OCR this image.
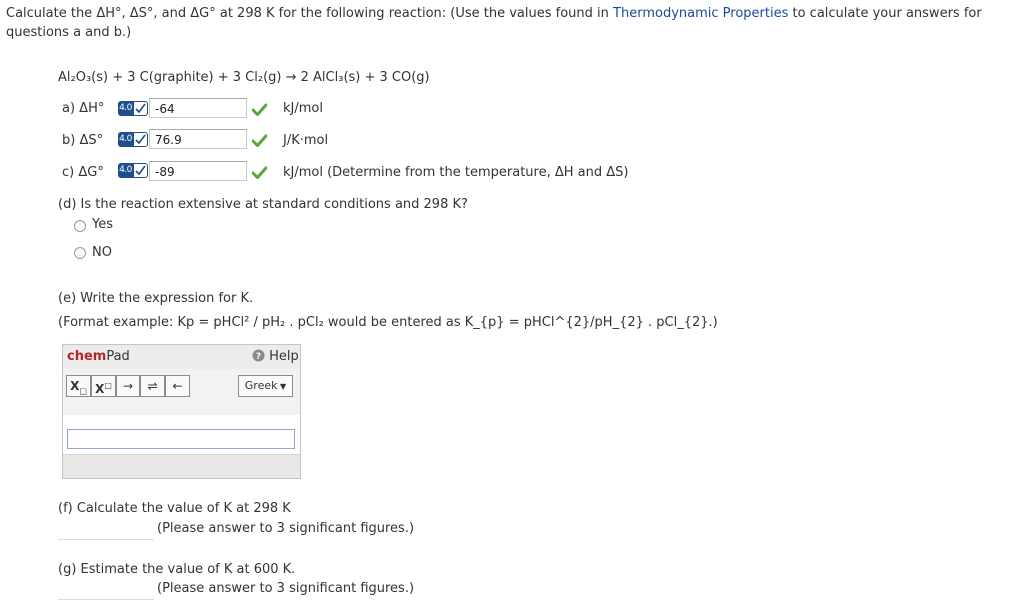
Calculate the ΔH°, ΔS°, and ΔG° at 298 K for the following reaction: (Use the values found in Thermodynamic Properties to calculate your answers for questions a and b.)
Al₂O₃(s) + 3 C(graphite) + 3 Cl₂(g) → 2 AlCl₃(s) + 3 CO(g)
a) ΔH° 4.0	-64	kJ/mol
b) ΔS° 4.0	76.9	J/K·mol
c) ΔG° 4.0	-89	kJ/mol (Determine from the temperature, ΔH and ΔS)
(d) Is the reaction extensive at standard conditions and 298 K?
Yes
NO
(e) Write the expression for K.
(Format example: Kp = pHCl² / pH₂ . pCl₂ would be entered as K_{p} = pHCl^{2}/pH_{2} . pCl_{2}.)
chemPad	? Help
$X_□$ X□ →	⇌	←	Greek ▼
(f) Calculate the value of K at 298 K
(Please answer to 3 significant figures.)
(g) Estimate the value of K at 600 K.
(Please answer to 3 significant figures.)
